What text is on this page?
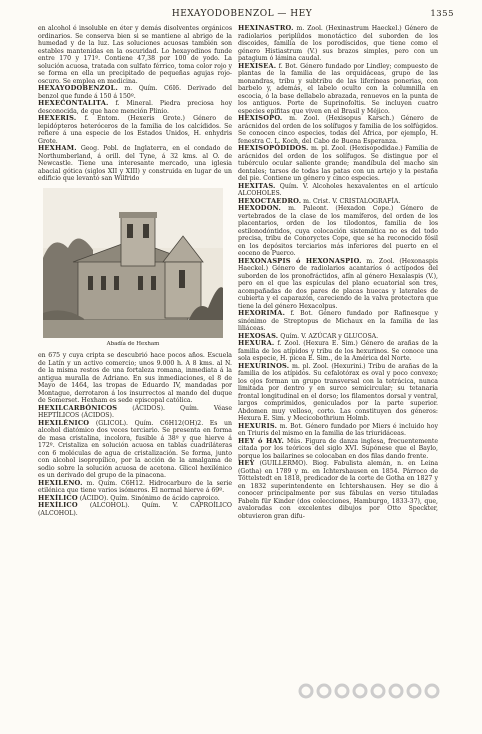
HEXAYODOBENZOL — HEY	1355

en alcohol é insoluble en éter y demás disolventes orgánicos ordinarios. Se conserva bien si se mantiene al abrigo de la humedad y de la luz. Las soluciones acuosas también son estables mantenidas en la oscuridad. Lo hexayodinos funde entre 170 y 171º. Contiene 47,38 por 100 de yodo. La solución acuosa, tratada con sulfato férrico, toma color rojo y se forma en ella un precipitado de pequeñas agujas rojo-oscuro. Se emplea en medicina.

HEXAYODOBENZOL. m. Quím. C6I6. Derivado del benzol que funde á 150 á 150º.

HEXECONTALITA. f. Mineral. Piedra preciosa hoy desconocida, de que hace mención Plinio.

HEXERIS. f. Entom. (Hexeris Grote.) Género de lepidópteros heteróceros de la familia de los calcídidos. Se refiere á una especie de los Estados Unidos, H. enhydris Grote.

HEXHAM. Geog. Pobl. de Inglaterra, en el condado de Northumberland, á orill. del Tyne, á 32 kms. al O. de Newcastle. Tiene una interesante mercado, una iglesia abacial gótica (siglos XII y XIII) y construida en lugar de un edificio que levantó san Wilfrido

Abadía de Hexham

en 675 y cuya cripta se descubrió hace pocos años. Escuela de Latín y un activo comercio; unos 9.000 h. A 8 kms. al N. de la misma restos de una fortaleza romana, inmediata á la antigua muralla de Adriano. En sus inmediaciones, el 8 de Mayo de 1464, las tropas de Eduardo IV, mandadas por Montague, derrotaron á los insurrectos al mando del duque de Somerset. Hexham es sede episcopal católica.

HEXILCARBÓNICOS (ÁCIDOS). Quím. Véase HEPTÍLICOS (ÁCIDOS).

HEXILÉNICO (GLICOL). Quím. C6H12(OH)2. Es un alcohol diatómico dos veces terciario. Se presenta en forma de masa cristalina, incolora, fusible á 38º y que hierve á 172º. Cristaliza en solución acuosa en tablas cuadriláteras con 6 moléculas de agua de cristalización. Se forma, junto con alcohol isopropílico, por la acción de la amalgama de sodio sobre la solución acuosa de acetona. Glicol hexilénico es un derivado del grupo de la pinacona.

HEXILENO. m. Quím. C6H12. Hidrocarburo de la serie etilénica que tiene varios isómeros. El normal hierve á 69º.

HEXÍLICO (ÁCIDO). Quím. Sinónimo de ácido caproico.

HEXÍLICO (ALCOHOL). Quím. V. CAPROÍLICO (ALCOHOL).

HEXINASTRO. m. Zool. (Hexinastrum Haeckel.) Género de radiolarios periplíidos monotáctico del suborden de los discoides, familia de los porodíscidos, que tiene como el género Histiastrum (V.) sus brazos simples, pero con un patagium ó lámina caudal.

HEXISEA. f. Bot. Género fundado por Lindley; compuesto de plantas de la familia de las orquidáceas, grupo de las monandras, tribu y subtribu de las liferíneas ponerias, con barbelo y, además, el labelo oculto con la columnilla en escocia, ó la base dellabelo abrazada, renuevos en la punta de los antiguos. Porte de Suprinofoltis. Se incluyen cuatro especies epifitas que viven en el Brasil y Méjico.

HEXISOPO. m. Zool. (Hexisopus Karsch.) Género de arácnidos del orden de los solífugos y familia de los solfúgidos. Se conocen cinco especies, todas del África, por ejemplo, H. fenestra C. L. Koch, del Cabo de Buena Esperanza.

HEXISOPÓDIDOS. m. pl. Zool. (Hexisopodidae.) Familia de arácnidos del orden de los solífugos. Se distingue por el tubérculo ocular saliente grande; mandíbula del macho sin dentales; tarsos de todas las patas con un artejo y la pestaña del pie. Contiene un género y cinco especies.

HEXITAS. Quím. V. Alcoholes hexavalentes en el artículo ALCOHOLES.

HEXOCTAEDRO. m. Crist. V. CRISTALOGRAFÍA.

HEXODON. m. Paleont. (Hexadon Cope.) Género de vertebrados de la clase de los mamíferos, del orden de los placentarios, orden de los tilodontos, familia de los estilonodóntidos, cuya colocación sistemática no es del todo precisa, tribu de Conoryctes Cope, que se ha reconocido fósil en los depósitos terciarios más inferiores del puerto en el eoceno de Puerco.

HEXONASPIS ó HEXONASPIO. m. Zool. (Hexonaspis Haeckel.) Género de radiolarios acantaríos ó actípodos del suborden de los pronofráctidos, afín al género Hexalaspis (V.), pero en el que las espículas del plano ecuatorial son tres, acompañadas de dos pares de placas huecas y laterales de cubierta y el caparazón, careciendo de la valva protectora que tiene la del género Hexacolpus.

HEXORIMA. f. Bot. Género fundado por Rafinesque y sinónimo de Streptopus de Michaux en la familia de las liliáceas.

HEXOSAS. Quím. V. AZÚCAR y GLUCOSA.

HEXURA. f. Zool. (Hexura E. Sim.) Género de arañas de la familia de los atípidos y tribu de los hexurinos. Se conoce una sola especie, H. picea E. Sim., de la América del Norte.

HEXURINOS. m. pl. Zool. (Hexurini.) Tribu de arañas de la familia de los atípidos. Su cefalotórax es oval y poco convexo; los ojos forman un grupo transversal con la tetrácica, nunca limitada por dentro y en surco semicircular; su tetanaria frontal longitudinal en el dorso; los filamentos dorsal y ventral, largos comprimidos, geniculados por la parte superior. Abdomen muy velloso, corto. Las constituyen dos géneros: Hexura E. Sim. y Mecicobothrium Holmb.

HEXURIS. m. Bot. Género fundado por Miers é incluido hoy en Triuris del mismo en la familia de las triuridáceas.

HEY ó HAY. Mús. Figura de danza inglesa, frecuentemente citada por los teóricos del siglo XVI. Supónese que el Baylo, porque los bailarines se colocaban en dos filas dando frente.

HEY (GUILLERMO). Biog. Fabulista alemán, n. en Leina (Gotha) en 1789 y m. en Ichtershausen en 1854. Párroco de Töttelstedt en 1818, predicador de la corte de Gotha en 1827 y en 1832 superintendente en Ichtershausen. Hey se dio á conocer principalmente por sus fábulas en verso tituladas Fabeln für Kinder (dos colecciones, Hamburgo, 1833-37), que, avaloradas con excelentes dibujos por Otto Speckter, obtuvieron gran difu-
